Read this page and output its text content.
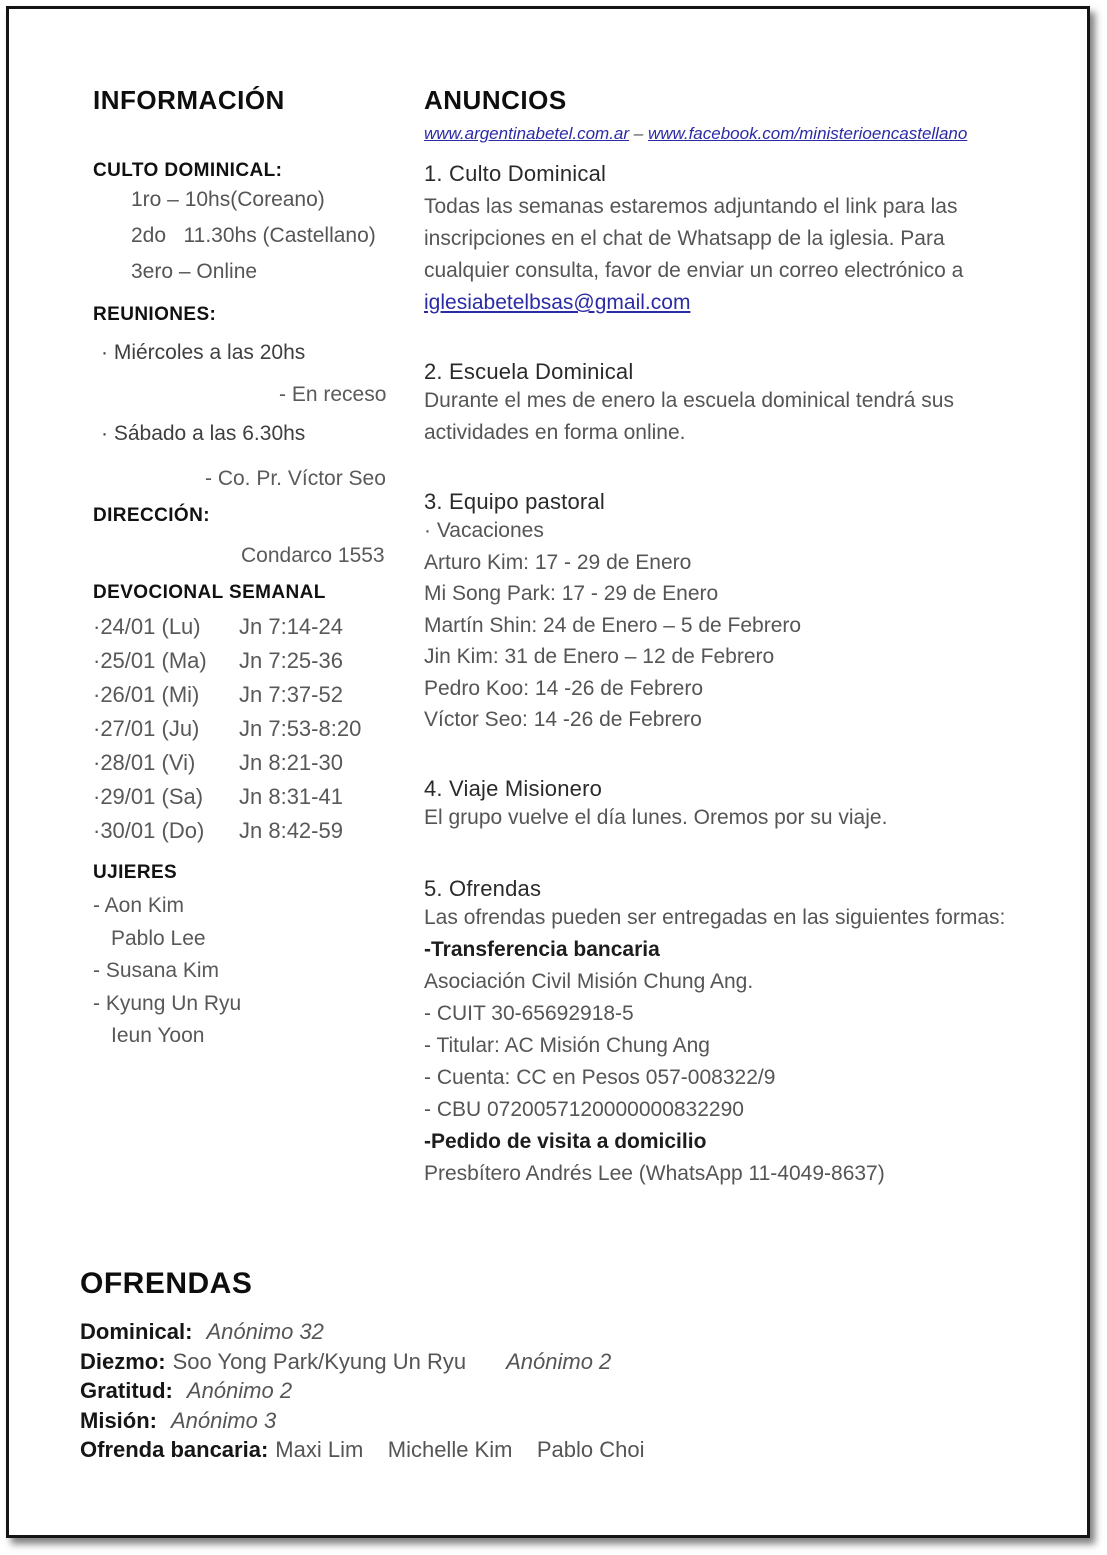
INFORMACIÓN
CULTO DOMINICAL:
1ro – 10hs(Coreano)
2do   11.30hs (Castellano)
3ero – Online
REUNIONES:
· Miércoles a las 20hs
- En receso
· Sábado a las 6.30hs
- Co. Pr. Víctor Seo
DIRECCIÓN:
Condarco 1553
DEVOCIONAL SEMANAL
·24/01 (Lu)	Jn 7:14-24
·25/01 (Ma)	Jn 7:25-36
·26/01 (Mi)	Jn 7:37-52
·27/01 (Ju)	Jn 7:53-8:20
·28/01 (Vi)	Jn 8:21-30
·29/01 (Sa)	Jn 8:31-41
·30/01 (Do)	Jn 8:42-59
UJIERES
- Aon Kim
Pablo Lee
- Susana Kim
- Kyung Un Ryu
Ieun Yoon
ANUNCIOS
www.argentinabetel.com.ar – www.facebook.com/ministerioencastellano
1. Culto Dominical
Todas las semanas estaremos adjuntando el link para las inscripciones en el chat de Whatsapp de la iglesia. Para cualquier consulta, favor de enviar un correo electrónico a
iglesiabetelbsas@gmail.com
2. Escuela Dominical
Durante el mes de enero la escuela dominical tendrá sus actividades en forma online.
3. Equipo pastoral
· Vacaciones
Arturo Kim: 17 - 29 de Enero
Mi Song Park: 17 - 29 de Enero
Martín Shin: 24 de Enero – 5 de Febrero
Jin Kim: 31 de Enero – 12 de Febrero
Pedro Koo: 14 -26 de Febrero
Víctor Seo: 14 -26 de Febrero
4. Viaje Misionero
El grupo vuelve el día lunes. Oremos por su viaje.
5. Ofrendas
Las ofrendas pueden ser entregadas en las siguientes formas:
-Transferencia bancaria
Asociación Civil Misión Chung Ang.
- CUIT 30-65692918-5
- Titular: AC Misión Chung Ang
- Cuenta: CC en Pesos 057-008322/9
- CBU 0720057120000000832290
-Pedido de visita a domicilio
Presbítero Andrés Lee (WhatsApp 11-4049-8637)
OFRENDAS
Dominical: Anónimo 32
Diezmo: Soo Yong Park/Kyung Un Ryu Anónimo 2
Gratitud: Anónimo 2
Misión: Anónimo 3
Ofrenda bancaria: Maxi Lim    Michelle Kim    Pablo Choi
